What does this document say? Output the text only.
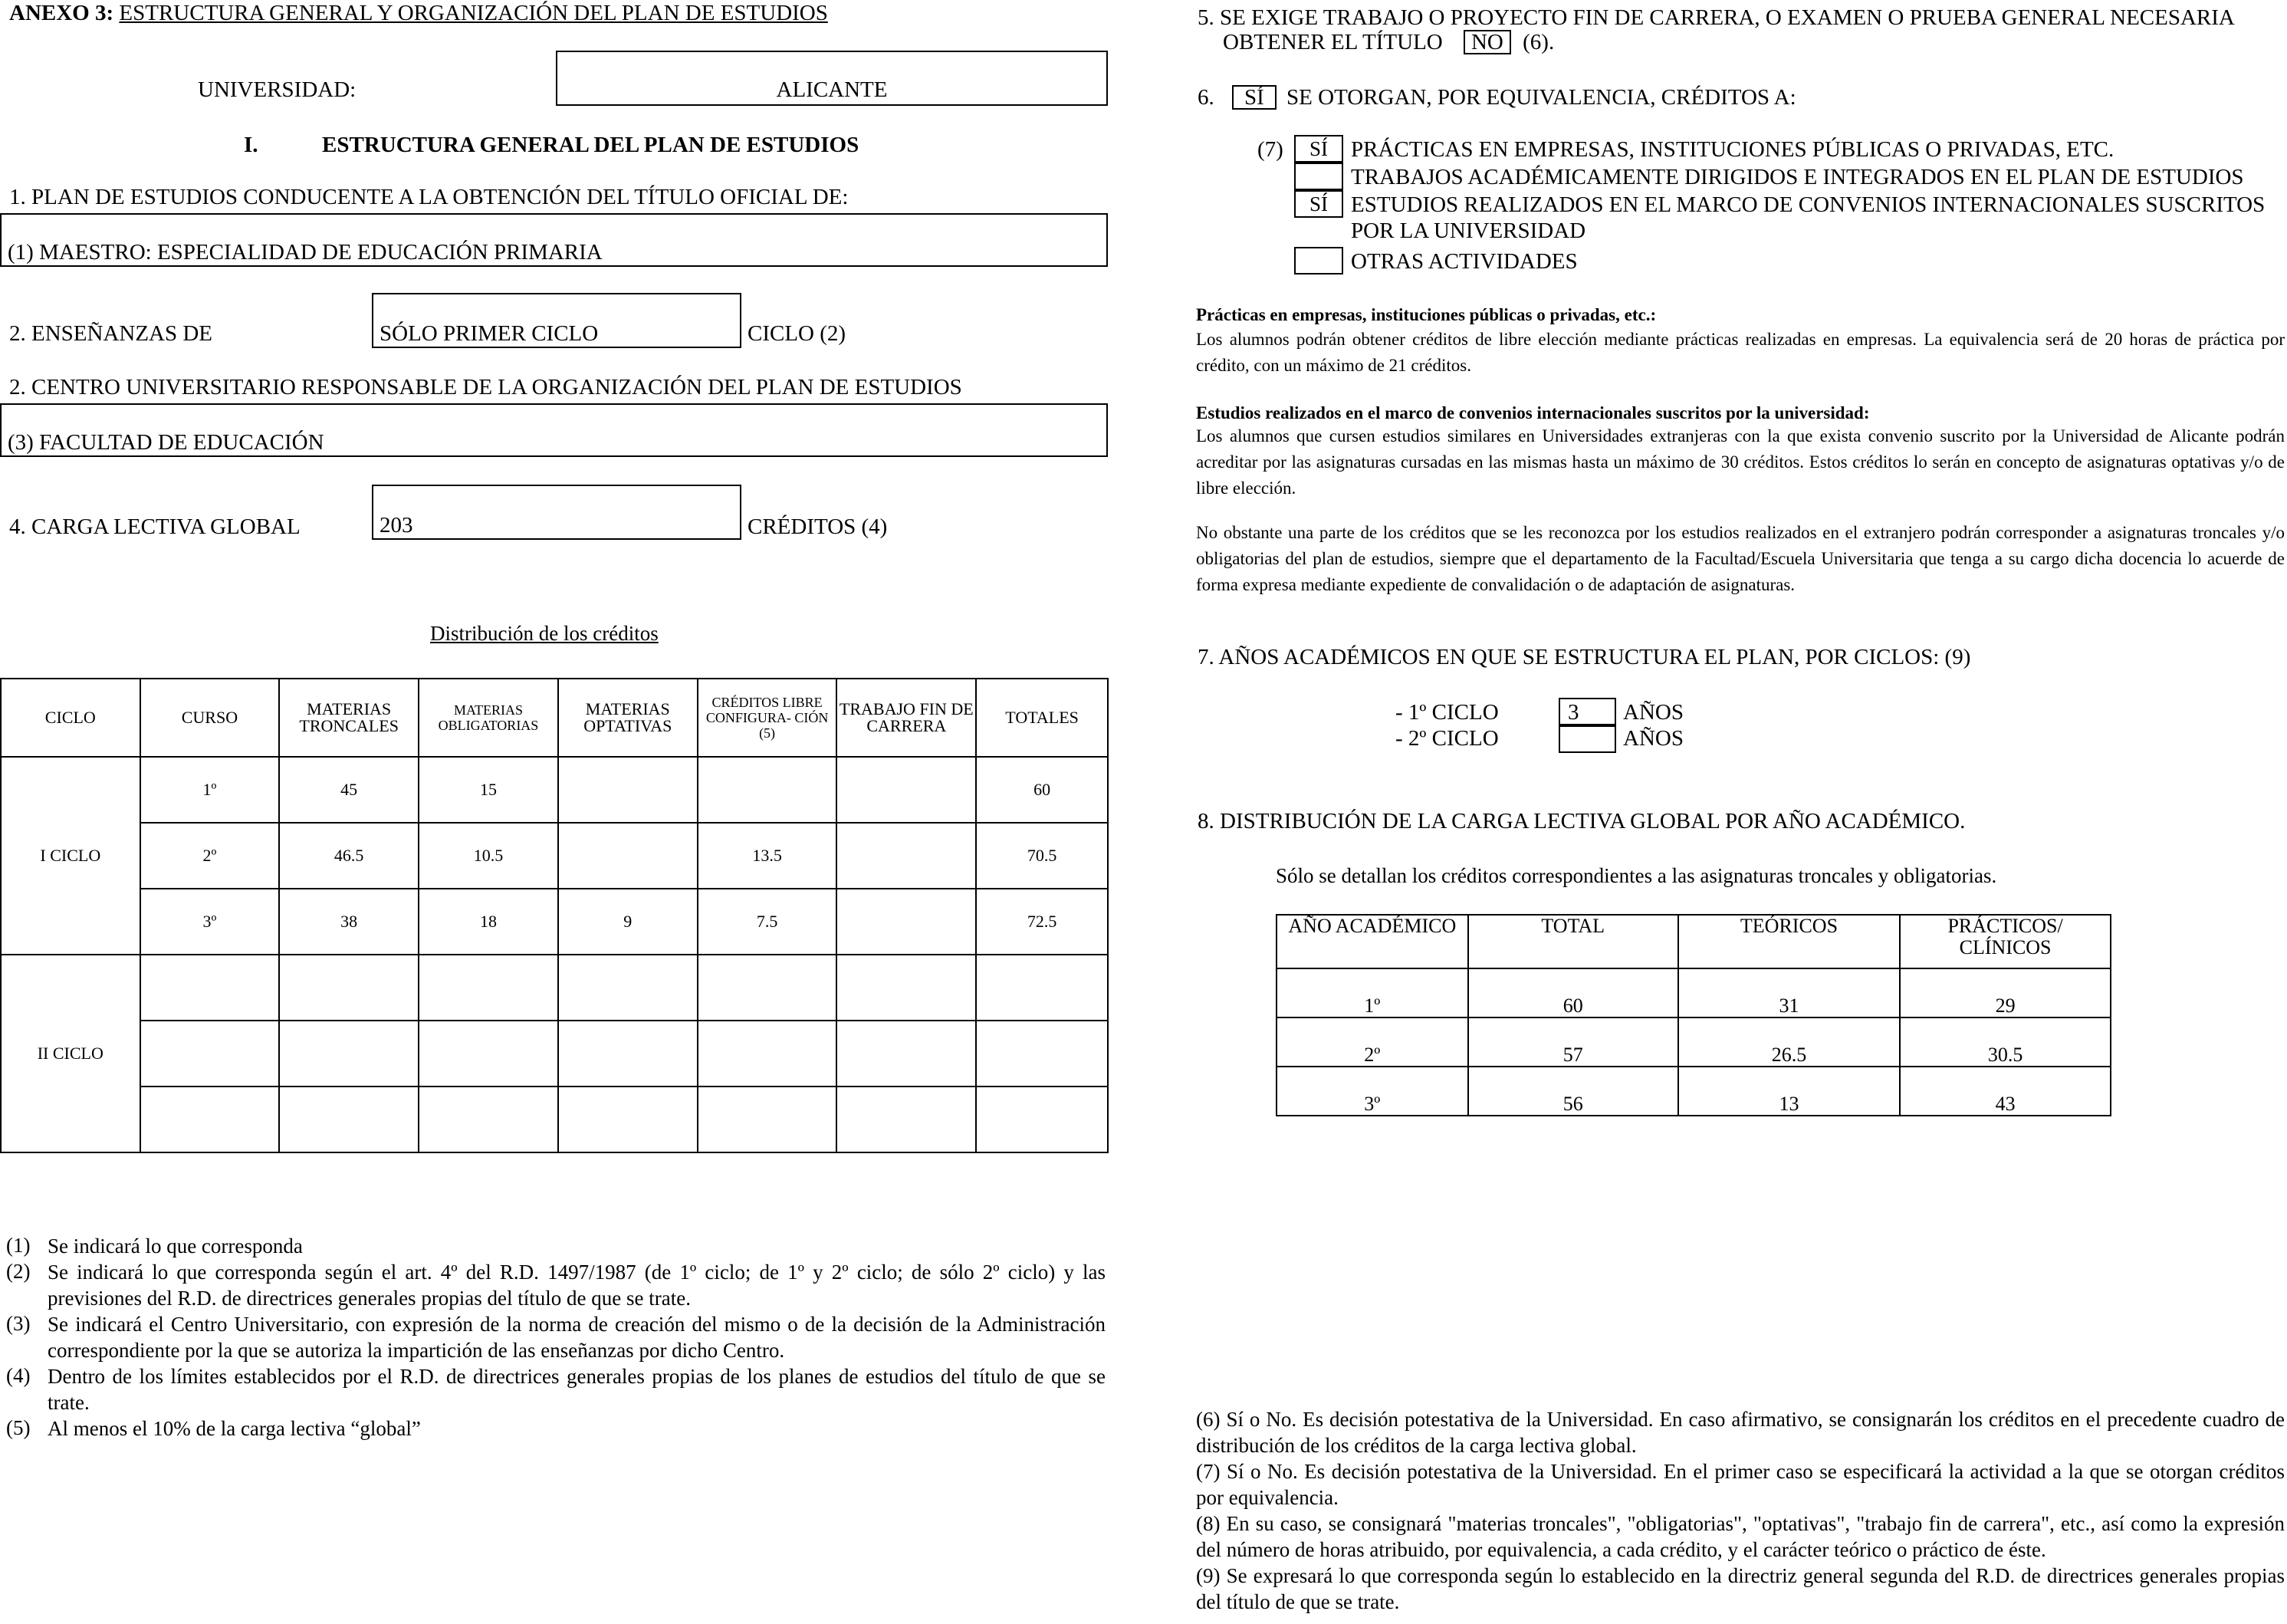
ANEXO 3: ESTRUCTURA GENERAL Y ORGANIZACIÓN DEL PLAN DE ESTUDIOS
UNIVERSIDAD:	ALICANTE
I.	ESTRUCTURA GENERAL DEL PLAN DE ESTUDIOS
1. PLAN DE ESTUDIOS CONDUCENTE A LA OBTENCIÓN DEL TÍTULO OFICIAL DE:
(1) MAESTRO: ESPECIALIDAD DE EDUCACIÓN PRIMARIA
2. ENSEÑANZAS DE	SÓLO PRIMER CICLO	CICLO (2)
2. CENTRO UNIVERSITARIO RESPONSABLE DE LA ORGANIZACIÓN DEL PLAN DE ESTUDIOS
(3) FACULTAD DE EDUCACIÓN
4. CARGA LECTIVA GLOBAL	203	CRÉDITOS (4)
Distribución de los créditos
CICLO	CURSO	MATERIAS TRONCALES	MATERIAS OBLIGATORIAS	MATERIAS OPTATIVAS	CRÉDITOS LIBRE CONFIGURA- CIÓN (5)	TRABAJO FIN DE CARRERA	TOTALES
I CICLO	1º	45	15				60
	2º	46.5	10.5		13.5		70.5
	3º	38	18	9	7.5		72.5
II CICLO							

(1) Se indicará lo que corresponda
(2) Se indicará lo que corresponda según el art. 4º del R.D. 1497/1987 (de 1º ciclo; de 1º y 2º ciclo; de sólo 2º ciclo) y las previsiones del R.D. de directrices generales propias del título de que se trate.
(3) Se indicará el Centro Universitario, con expresión de la norma de creación del mismo o de la decisión de la Administración correspondiente por la que se autoriza la impartición de las enseñanzas por dicho Centro.
(4) Dentro de los límites establecidos por el R.D. de directrices generales propias de los planes de estudios del título de que se trate.
(5) Al menos el 10% de la carga lectiva “global”
5. SE EXIGE TRABAJO O PROYECTO FIN DE CARRERA, O EXAMEN O PRUEBA GENERAL NECESARIA
OBTENER EL TÍTULO NO (6).
6. SÍ SE OTORGAN, POR EQUIVALENCIA, CRÉDITOS A:
(7)	SÍ	PRÁCTICAS EN EMPRESAS, INSTITUCIONES PÚBLICAS O PRIVADAS, ETC.
TRABAJOS ACADÉMICAMENTE DIRIGIDOS E INTEGRADOS EN EL PLAN DE ESTUDIOS
SÍ	ESTUDIOS REALIZADOS EN EL MARCO DE CONVENIOS INTERNACIONALES SUSCRITOS
POR LA UNIVERSIDAD
OTRAS ACTIVIDADES
Prácticas en empresas, instituciones públicas o privadas, etc.:
Los alumnos podrán obtener créditos de libre elección mediante prácticas realizadas en empresas. La equivalencia será de 20 horas de práctica por crédito, con un máximo de 21 créditos.
Estudios realizados en el marco de convenios internacionales suscritos por la universidad:
Los alumnos que cursen estudios similares en Universidades extranjeras con la que exista convenio suscrito por la Universidad de Alicante podrán acreditar por las asignaturas cursadas en las mismas hasta un máximo de 30 créditos. Estos créditos lo serán en concepto de asignaturas optativas y/o de libre elección.
No obstante una parte de los créditos que se les reconozca por los estudios realizados en el extranjero podrán corresponder a asignaturas troncales y/o obligatorias del plan de estudios, siempre que el departamento de la Facultad/Escuela Universitaria que tenga a su cargo dicha docencia lo acuerde de forma expresa mediante expediente de convalidación o de adaptación de asignaturas.
7. AÑOS ACADÉMICOS EN QUE SE ESTRUCTURA EL PLAN, POR CICLOS: (9)
- 1º CICLO	3	AÑOS
- 2º CICLO	AÑOS
8. DISTRIBUCIÓN DE LA CARGA LECTIVA GLOBAL POR AÑO ACADÉMICO.
Sólo se detallan los créditos correspondientes a las asignaturas troncales y obligatorias.
AÑO ACADÉMICO	TOTAL	TEÓRICOS	PRÁCTICOS/ CLÍNICOS
1º	60	31	29
2º	57	26.5	30.5
3º	56	13	43
(6) Sí o No. Es decisión potestativa de la Universidad. En caso afirmativo, se consignarán los créditos en el precedente cuadro de distribución de los créditos de la carga lectiva global.
(7) Sí o No. Es decisión potestativa de la Universidad. En el primer caso se especificará la actividad a la que se otorgan créditos por equivalencia.
(8) En su caso, se consignará "materias troncales", "obligatorias", "optativas", "trabajo fin de carrera", etc., así como la expresión del número de horas atribuido, por equivalencia, a cada crédito, y el carácter teórico o práctico de éste.
(9) Se expresará lo que corresponda según lo establecido en la directriz general segunda del R.D. de directrices generales propias del título de que se trate.
